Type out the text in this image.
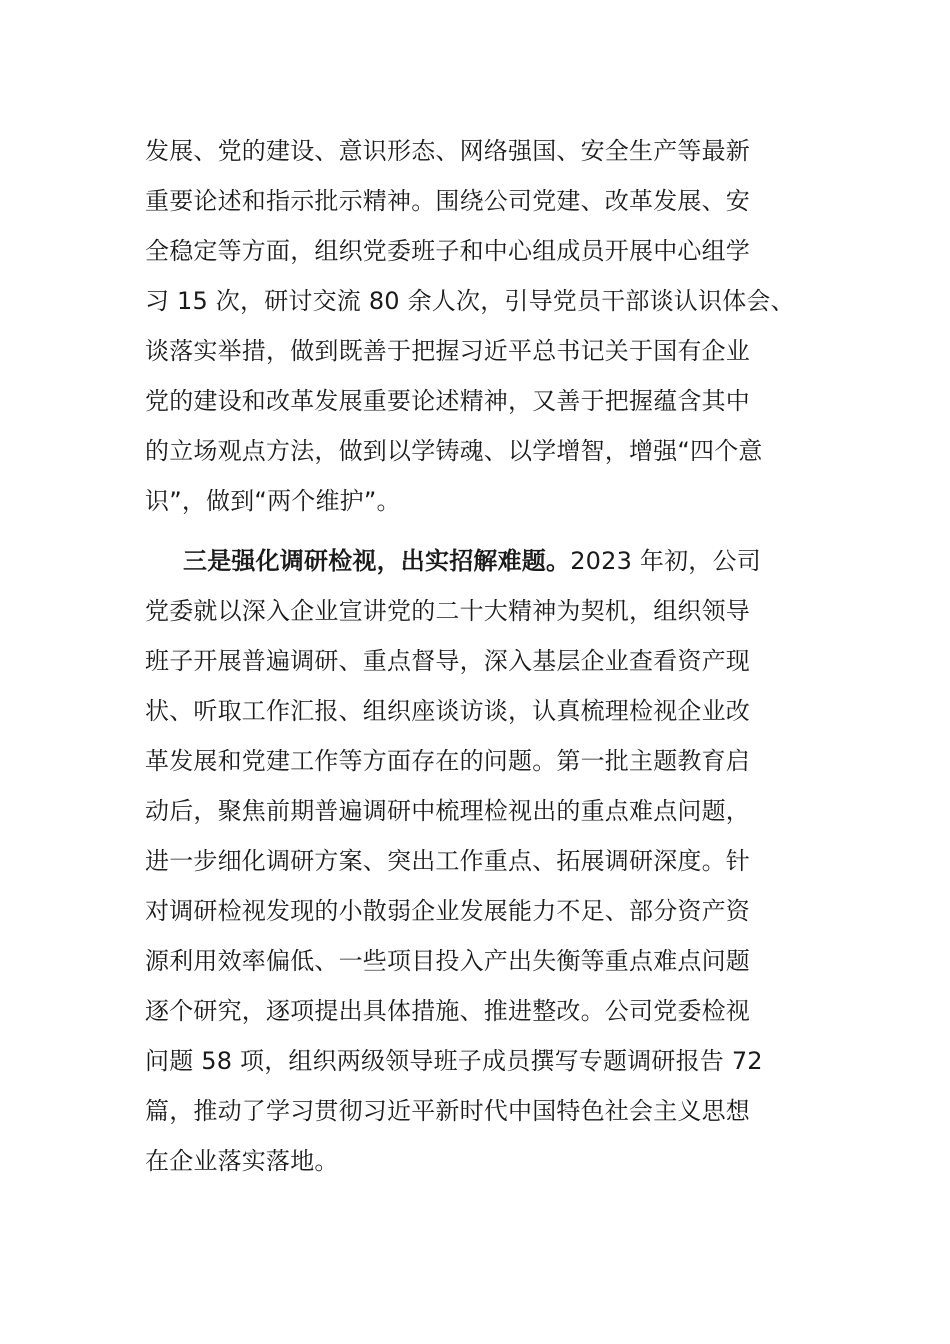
发展、党的建设、意识形态、网络强国、安全生产等最新
重要论述和指示批示精神。围绕公司党建、改革发展、安
全稳定等方面，组织党委班子和中心组成员开展中心组学
习 15 次，研讨交流 80 余人次，引导党员干部谈认识体会、
谈落实举措，做到既善于把握习近平总书记关于国有企业
党的建设和改革发展重要论述精神，又善于把握蕴含其中
的立场观点方法，做到以学铸魂、以学增智，增强“四个意
识”，做到“两个维护”。
三是强化调研检视，出实招解难题。2023 年初，公司
党委就以深入企业宣讲党的二十大精神为契机，组织领导
班子开展普遍调研、重点督导，深入基层企业查看资产现
状、听取工作汇报、组织座谈访谈，认真梳理检视企业改
革发展和党建工作等方面存在的问题。第一批主题教育启
动后，聚焦前期普遍调研中梳理检视出的重点难点问题，
进一步细化调研方案、突出工作重点、拓展调研深度。针
对调研检视发现的小散弱企业发展能力不足、部分资产资
源利用效率偏低、一些项目投入产出失衡等重点难点问题
逐个研究，逐项提出具体措施、推进整改。公司党委检视
问题 58 项，组织两级领导班子成员撰写专题调研报告 72
篇，推动了学习贯彻习近平新时代中国特色社会主义思想
在企业落实落地。
